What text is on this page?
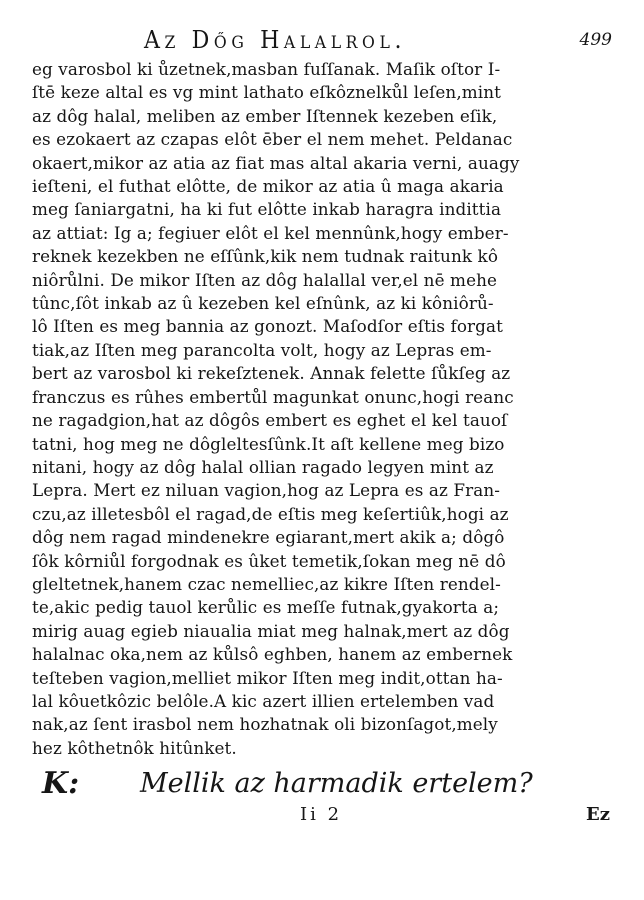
Az Dőg Halalrol.	499

eg varosbol ki ůzetnek,masban fuſſanak. Maſik oſtor I-
ſtē keze altal es vg mint lathato eſkôznelkůl leſen,mint
az dôg halal, meliben az ember Iſtennek kezeben eſik,
es ezokaert az czapas elôt ēber el nem mehet. Peldanac
okaert,mikor az atia az fiat mas altal akaria verni, auagy
ieſteni, el futhat elôtte, de mikor az atia û maga akaria
meg ſaniargatni, ha ki fut elôtte inkab haragra indittia
az attiat: Ig a; fegiuer elôt el kel mennûnk,hogy ember-
reknek kezekben ne eſſûnk,kik nem tudnak raitunk kô
niôrůlni. De mikor Iſten az dôg halallal ver,el nē mehe
tûnc,ſôt inkab az û kezeben kel eſnûnk, az ki kôniôrů-
lô Iſten es meg bannia az gonozt. Maſodſor eſtis forgat
tiak,az Iſten meg parancolta volt, hogy az Lepras em-
bert az varosbol ki rekeſztenek. Annak felette ſůkſeg az
franczus es rûhes embertůl magunkat onunc,hogi reanc
ne ragadgion,hat az dôgôs embert es eghet el kel tauoſ
tatni, hog meg ne dôgleltesſûnk.It aſt kellene meg bizo
nitani, hogy az dôg halal ollian ragado legyen mint az
Lepra. Mert ez niluan vagion,hog az Lepra es az Fran-
czu,az illetesbôl el ragad,de eſtis meg keſertiûk,hogi az
dôg nem ragad mindenekre egiarant,mert akik a; dôgô
ſôk kôrniůl forgodnak es ûket temetik,ſokan meg nē dô
gleltetnek,hanem czac nemelliec,az kikre Iſten rendel-
te,akic pedig tauol kerůlic es meſſe futnak,gyakorta a;
mirig auag egieb niaualia miat meg halnak,mert az dôg
halalnac oka,nem az kůlsô eghben, hanem az embernek
teſteben vagion,melliet mikor Iſten meg indit,ottan ha-
lal kôuetkôzic belôle.A kic azert illien ertelemben vad
nak,az ſent irasbol nem hozhatnak oli bizonſagot,mely
hez kôthetnôk hitûnket.

K: Mellik az harmadik ertelem?
Ii 2	Ez
